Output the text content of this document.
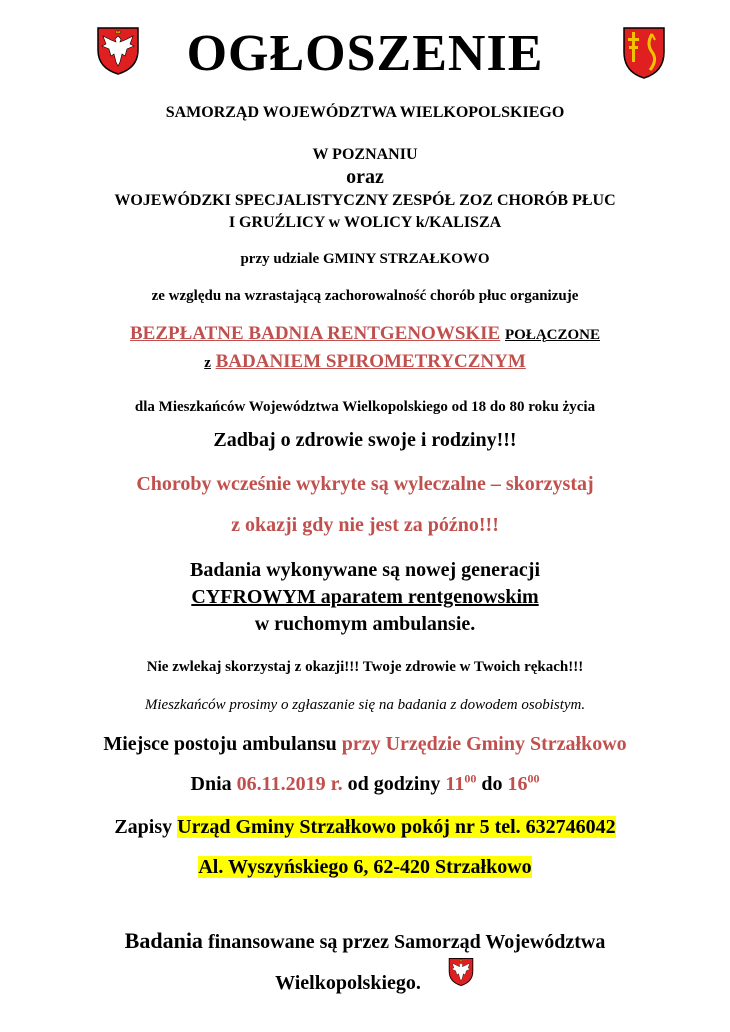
OGŁOSZENIE
SAMORZĄD WOJEWÓDZTWA WIELKOPOLSKIEGO
W POZNANIU
oraz
WOJEWÓDZKI SPECJALISTYCZNY ZESPÓŁ ZOZ CHORÓB PŁUC
I GRUŹLICY w WOLICY k/KALISZA
przy udziale GMINY STRZAŁKOWO
ze względu na wzrastającą zachorowalność chorób płuc organizuje
BEZPŁATNE BADNIA RENTGENOWSKIE POŁĄCZONE
z BADANIEM SPIROMETRYCZNYM
dla Mieszkańców Województwa Wielkopolskiego od 18 do 80 roku życia
Zadbaj o zdrowie swoje i rodziny!!!
Choroby wcześnie wykryte są wyleczalne – skorzystaj
z okazji gdy nie jest za późno!!!
Badania wykonywane są nowej generacji
CYFROWYM aparatem rentgenowskim
w ruchomym ambulansie.
Nie zwlekaj skorzystaj z okazji!!! Twoje zdrowie w Twoich rękach!!!
Mieszkańców prosimy o zgłaszanie się na badania z dowodem osobistym.
Miejsce postoju ambulansu przy Urzędzie Gminy Strzałkowo
Dnia 06.11.2019 r. od godziny $11^{00}$ do $16^{00}$
Zapisy Urząd Gminy Strzałkowo pokój nr 5 tel. 632746042
Al. Wyszyńskiego 6, 62-420 Strzałkowo
Badania finansowane są przez Samorząd Województwa
Wielkopolskiego.
